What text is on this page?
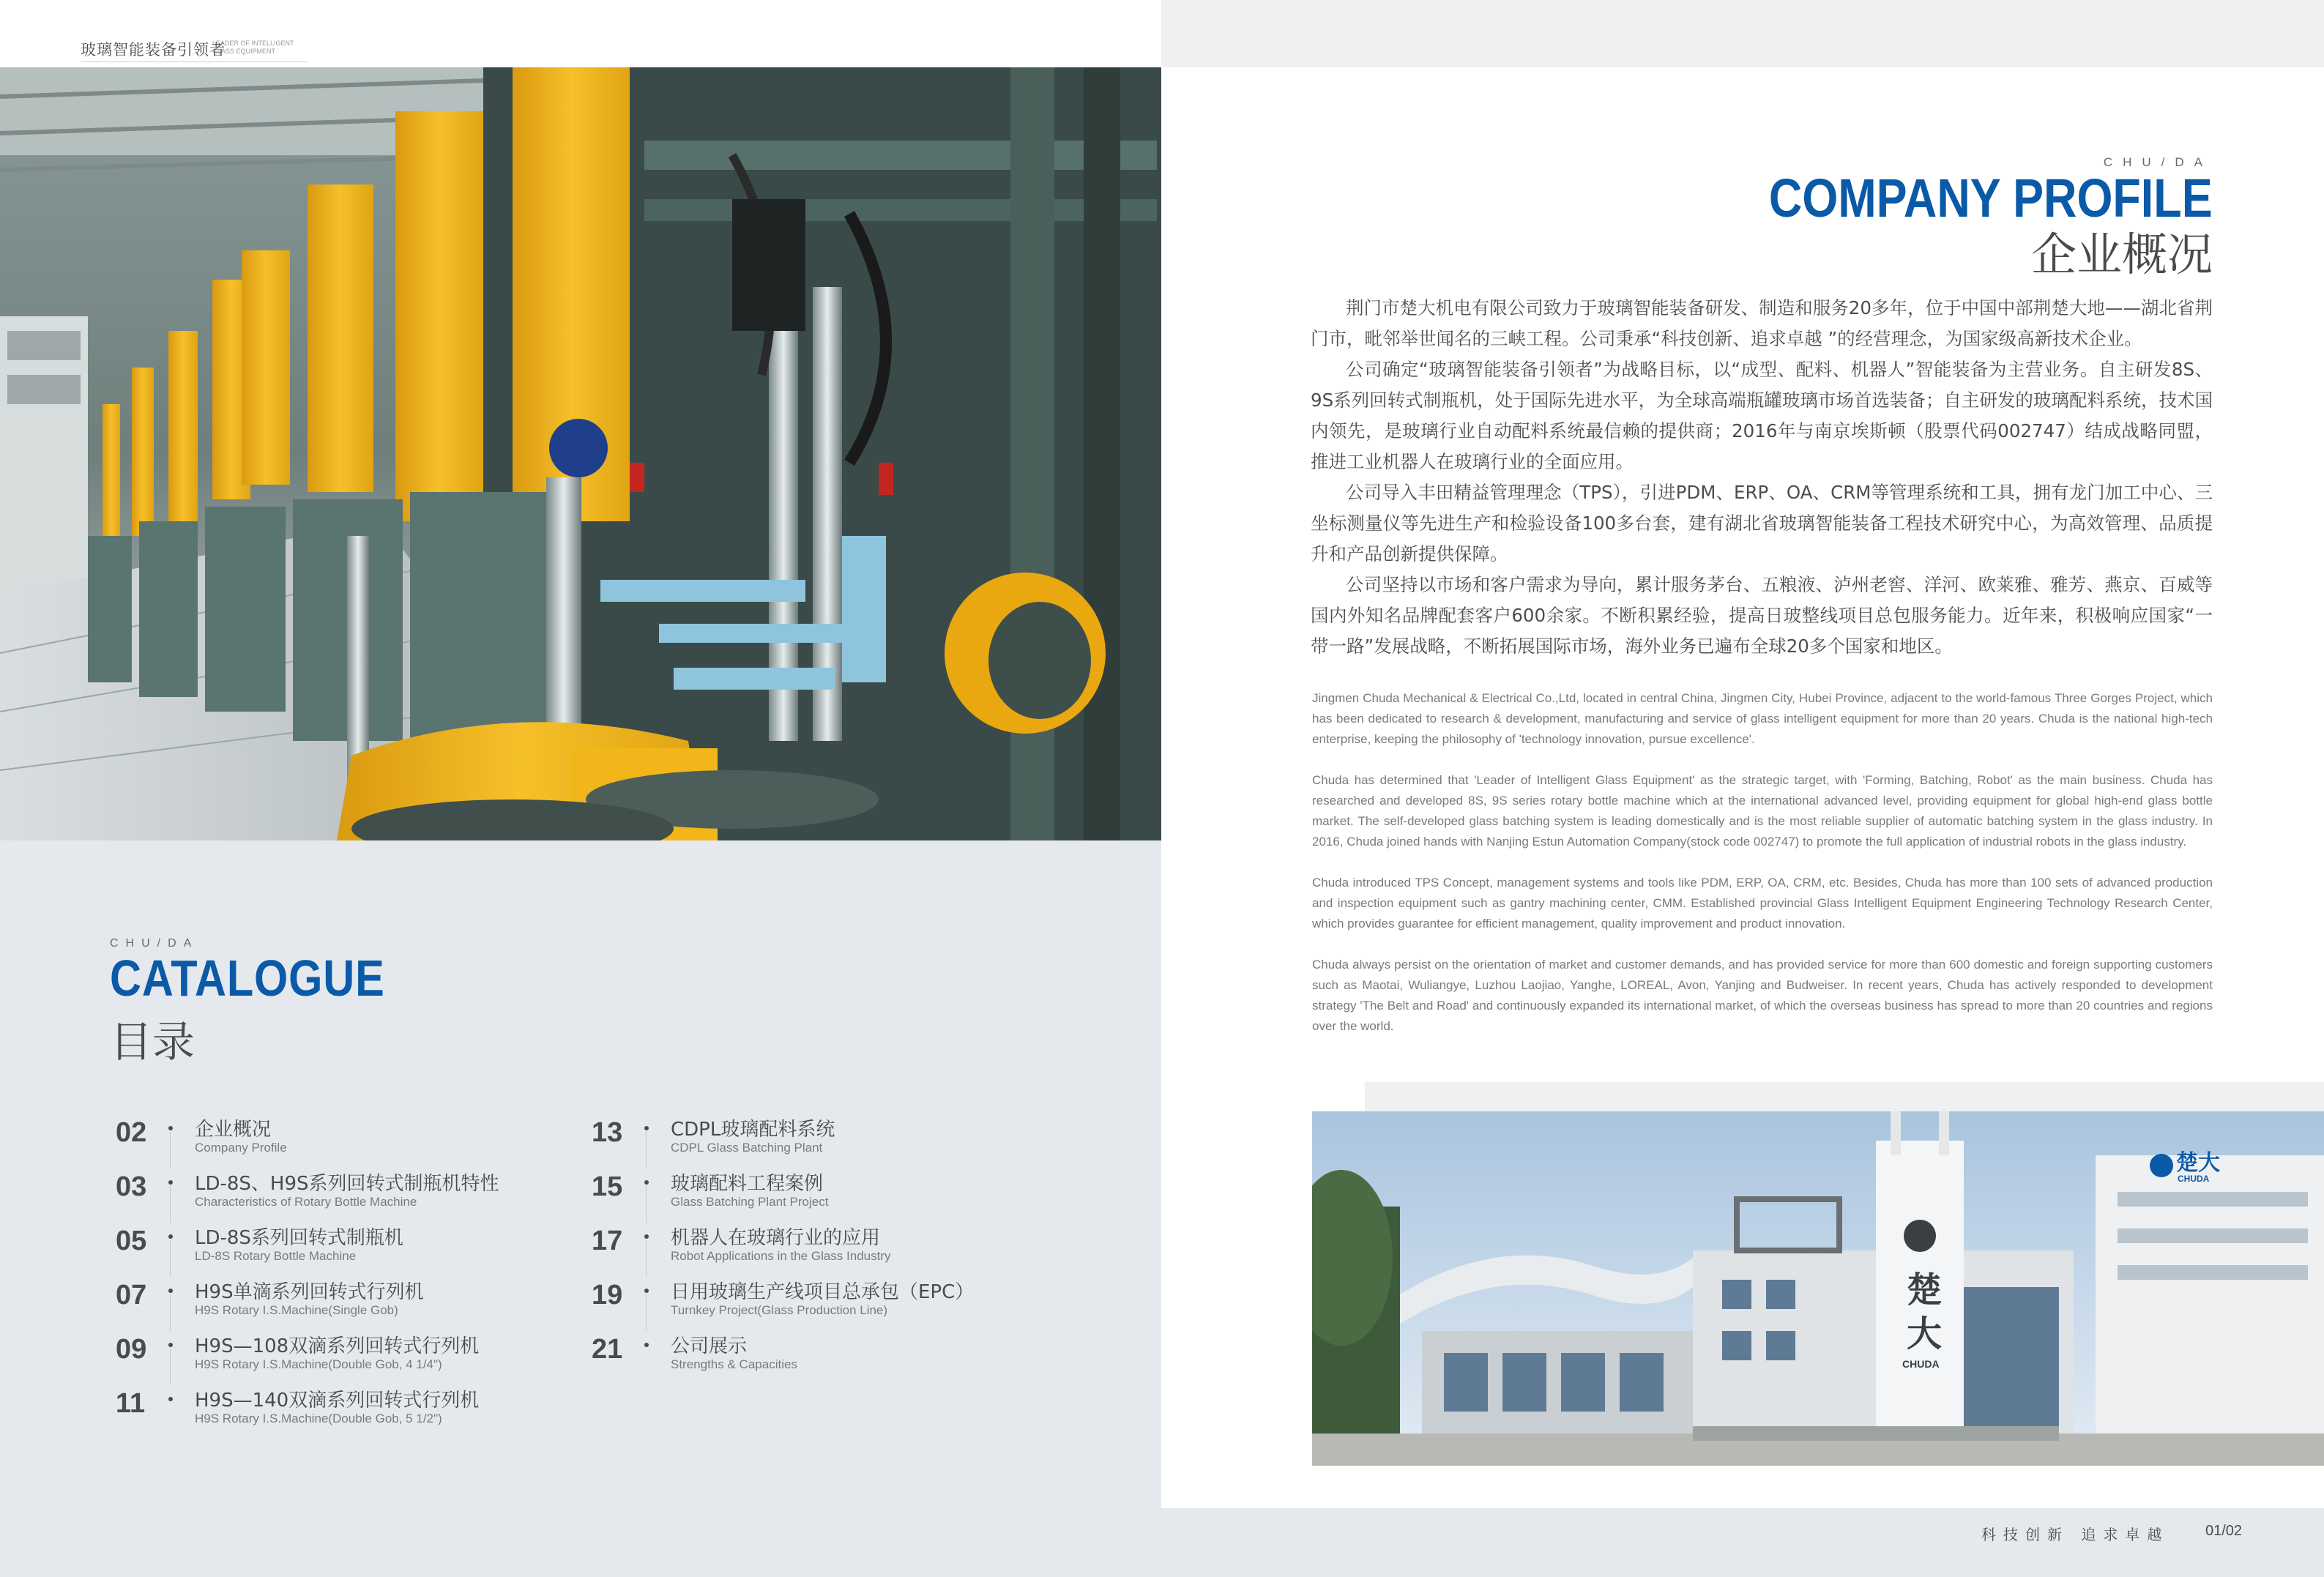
玻璃智能装备引领者
LEADER OF INTELLIGENT GLASS EQUIPMENT
CHU/DA
CATALOGUE
目录
02	企业概况
Company Profile
03	LD-8S、H9S系列回转式制瓶机特性
Characteristics of Rotary Bottle Machine
05	LD-8S系列回转式制瓶机
LD-8S Rotary Bottle Machine
07	H9S单滴系列回转式行列机
H9S Rotary I.S.Machine(Single Gob)
09	H9S—108双滴系列回转式行列机
H9S Rotary I.S.Machine(Double Gob, 4 1/4")
11	H9S—140双滴系列回转式行列机
H9S Rotary I.S.Machine(Double Gob, 5 1/2")
13	CDPL玻璃配料系统
CDPL Glass Batching Plant
15	玻璃配料工程案例
Glass Batching Plant Project
17	机器人在玻璃行业的应用
Robot Applications in the Glass Industry
19	日用玻璃生产线项目总承包（EPC）
Turnkey Project(Glass Production Line)
21	公司展示
Strengths & Capacities
CHU/DA
COMPANY PROFILE
企业概况

荆门市楚大机电有限公司致力于玻璃智能装备研发、制造和服务20多年，位于中国中部荆楚大地——湖北省荆门市，毗邻举世闻名的三峡工程。公司秉承“科技创新、追求卓越 ”的经营理念，为国家级高新技术企业。

公司确定“玻璃智能装备引领者”为战略目标，以“成型、配料、机器人”智能装备为主营业务。自主研发8S、9S系列回转式制瓶机，处于国际先进水平，为全球高端瓶罐玻璃市场首选装备；自主研发的玻璃配料系统，技术国内领先，是玻璃行业自动配料系统最信赖的提供商；2016年与南京埃斯顿（股票代码002747）结成战略同盟，推进工业机器人在玻璃行业的全面应用。

公司导入丰田精益管理理念（TPS），引进PDM、ERP、OA、CRM等管理系统和工具，拥有龙门加工中心、三坐标测量仪等先进生产和检验设备100多台套，建有湖北省玻璃智能装备工程技术研究中心，为高效管理、品质提升和产品创新提供保障。

公司坚持以市场和客户需求为导向，累计服务茅台、五粮液、泸州老窖、洋河、欧莱雅、雅芳、燕京、百威等国内外知名品牌配套客户600余家。不断积累经验，提高日玻整线项目总包服务能力。近年来，积极响应国家“一带一路”发展战略，不断拓展国际市场，海外业务已遍布全球20多个国家和地区。

Jingmen Chuda Mechanical & Electrical Co.,Ltd, located in central China, Jingmen City, Hubei Province, adjacent to the world-famous Three Gorges Project, which has been dedicated to research & development, manufacturing and service of glass intelligent equipment for more than 20 years. Chuda is the national high-tech enterprise, keeping the philosophy of 'technology innovation, pursue excellence'.

Chuda has determined that 'Leader of Intelligent Glass Equipment' as the strategic target, with 'Forming, Batching, Robot' as the main business. Chuda has researched and developed 8S, 9S series rotary bottle machine which at the international advanced level, providing equipment for global high-end glass bottle market. The self-developed glass batching system is leading domestically and is the most reliable supplier of automatic batching system in the glass industry. In 2016, Chuda joined hands with Nanjing Estun Automation Company(stock code 002747) to promote the full application of industrial robots in the glass industry.

Chuda introduced TPS Concept, management systems and tools like PDM, ERP, OA, CRM, etc. Besides, Chuda has more than 100 sets of advanced production and inspection equipment such as gantry machining center, CMM. Established provincial Glass Intelligent Equipment Engineering Technology Research Center, which provides guarantee for efficient management, quality improvement and product innovation.

Chuda always persist on the orientation of market and customer demands, and has provided service for more than 600 domestic and foreign supporting customers such as Maotai, Wuliangye, Luzhou Laojiao, Yanghe, LOREAL, Avon, Yanjing and Budweiser. In recent years, Chuda has actively responded to development strategy 'The Belt and Road' and continuously expanded its international market, of which the overseas business has spread to more than 20 countries and regions over the world.

楚
大
CHUDA
楚大
CHUDA
科技创新 追求卓越 01/02
